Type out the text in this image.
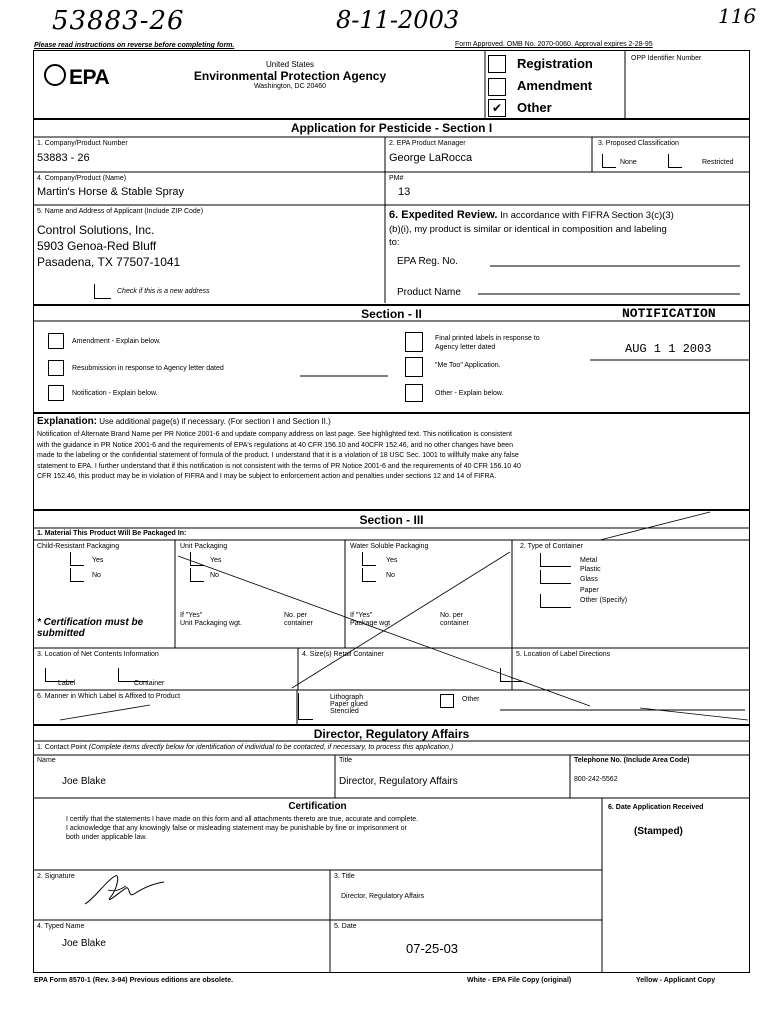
53883-26	8-11-2003	116
Please read instructions on reverse before completing form.	Form Approved. OMB No. 2070-0060. Approval expires 2-28-95
EPA
United States
Environmental Protection Agency
Washington, DC 20460
✔
Registration
Amendment
Other
OPP Identifier Number
Application for Pesticide - Section I
1. Company/Product Number
53883 - 26
2. EPA Product Manager
George LaRocca
3. Proposed Classification
None	Restricted
4. Company/Product (Name)
Martin's Horse & Stable Spray
PM#
13
5. Name and Address of Applicant (Include ZIP Code)
Control Solutions, Inc.
5903 Genoa-Red Bluff
Pasadena, TX 77507-1041
Check if this is a new address
6. Expedited Review. In accordance with FIFRA Section 3(c)(3)
(b)(i), my product is similar or identical in composition and labeling
to:
EPA Reg. No.
Product Name
Section - II	NOTIFICATION
AUG 1 1 2003
Amendment - Explain below.
Resubmission in response to Agency letter dated
Notification - Explain below.
Final printed labels in response to
Agency letter dated
"Me Too" Application.
Other - Explain below.
Explanation: Use additional page(s) if necessary. (For section I and Section II.)
Notification of Alternate Brand Name per PR Notice 2001-6 and update company address on last page. See highlighted text. This notification is consistent
with the guidance in PR Notice 2001-6 and the requirements of EPA's regulations at 40 CFR 156.10 and 40CFR 152.46, and no other changes have been
made to the labeling or the confidential statement of formula of the product. I understand that it is a violation of 18 USC Sec. 1001 to willfully make any false
statement to EPA. I further understand that if this notification is not consistent with the terms of PR Notice 2001-6 and the requirements of 40 CFR 156.10 40
CFR 152.46, this product may be in violation of FIFRA and I may be subject to enforcement action and penalties under sections 12 and 14 of FIFRA.
Section - III
1. Material This Product Will Be Packaged In:
Child-Resistant Packaging
Yes
No
* Certification must be submitted
Unit Packaging
Yes
No
If "Yes"
Unit Packaging wgt.
No. per
container
Water Soluble Packaging
Yes
No
If "Yes"
Package wgt
No. per
container
2. Type of Container
Metal
Plastic
Glass
Paper
Other (Specify)
3. Location of Net Contents Information
Label	Container
4. Size(s) Retail Container	5. Location of Label Directions
6. Manner in Which Label is Affixed to Product	Lithograph
Paper glued
Stenciled
Other
Director, Regulatory Affairs
1. Contact Point (Complete items directly below for identification of individual to be contacted, if necessary, to process this application.)
Name
Joe Blake
Title
Director, Regulatory Affairs
Telephone No. (Include Area Code)
800-242-5562
Certification
I certify that the statements I have made on this form and all attachments thereto are true, accurate and complete.
I acknowledge that any knowingly false or misleading statement may be punishable by fine or imprisonment or
both under applicable law.
6. Date Application Received
(Stamped)
2. Signature	3. Title
Director, Regulatory Affairs
4. Typed Name
Joe Blake
5. Date
07-25-03
EPA Form 8570-1 (Rev. 3-94) Previous editions are obsolete.	White - EPA File Copy (original)	Yellow - Applicant Copy
